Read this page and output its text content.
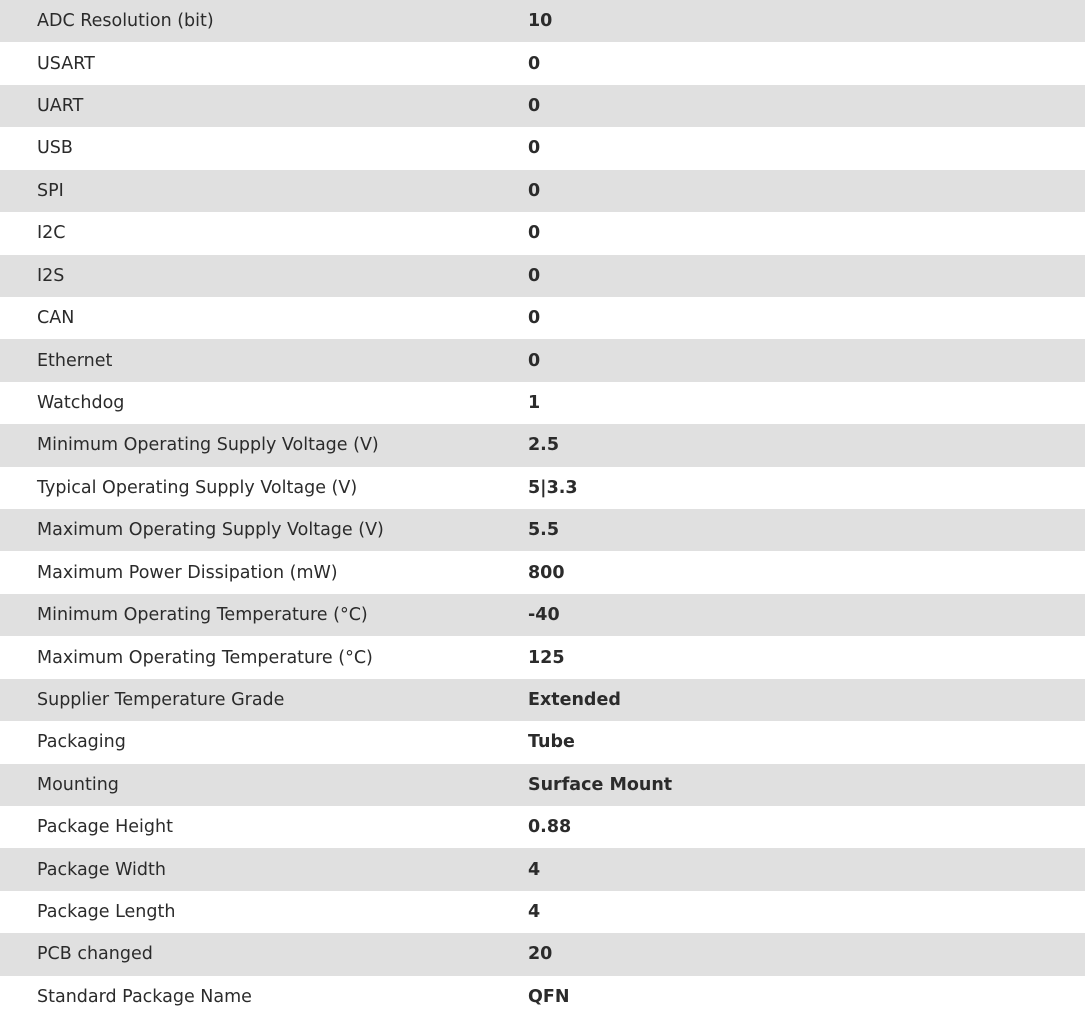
ADC Resolution (bit)	10
USART	0
UART	0
USB	0
SPI	0
I2C	0
I2S	0
CAN	0
Ethernet	0
Watchdog	1
Minimum Operating Supply Voltage (V)	2.5
Typical Operating Supply Voltage (V)	5|3.3
Maximum Operating Supply Voltage (V)	5.5
Maximum Power Dissipation (mW)	800
Minimum Operating Temperature (°C)	-40
Maximum Operating Temperature (°C)	125
Supplier Temperature Grade	Extended
Packaging	Tube
Mounting	Surface Mount
Package Height	0.88
Package Width	4
Package Length	4
PCB changed	20
Standard Package Name	QFN
